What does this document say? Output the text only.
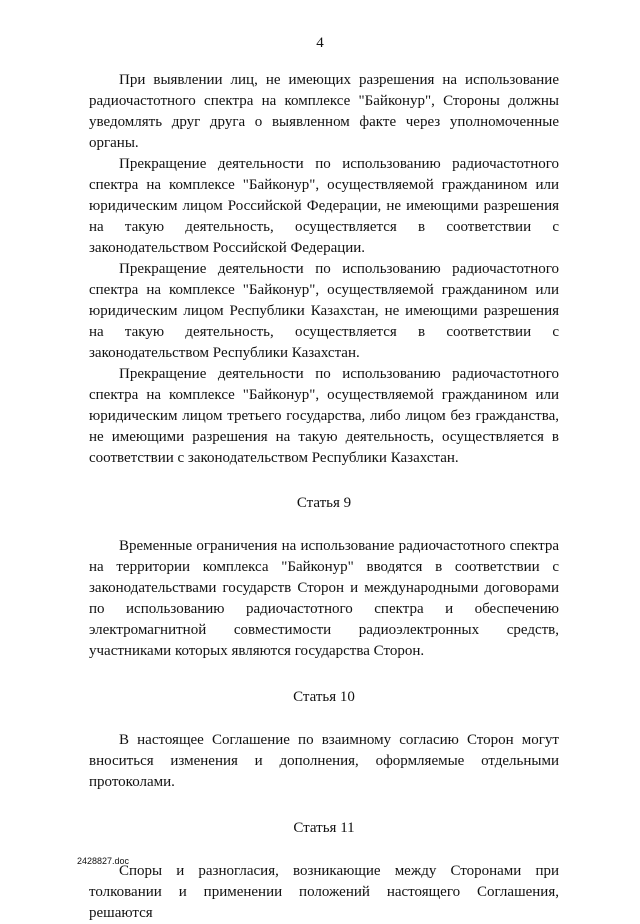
4

При выявлении лиц, не имеющих разрешения на использование радиочастотного спектра на комплексе "Байконур", Стороны должны уведомлять друг друга о выявленном факте через уполномоченные органы.

Прекращение деятельности по использованию радиочастотного спектра на комплексе "Байконур", осуществляемой гражданином или юридическим лицом Российской Федерации, не имеющими разрешения на такую деятельность, осуществляется в соответствии с законодательством Российской Федерации.

Прекращение деятельности по использованию радиочастотного спектра на комплексе "Байконур", осуществляемой гражданином или юридическим лицом Республики Казахстан, не имеющими разрешения на такую деятельность, осуществляется в соответствии с законодательством Республики Казахстан.

Прекращение деятельности по использованию радиочастотного спектра на комплексе "Байконур", осуществляемой гражданином или юридическим лицом третьего государства, либо лицом без гражданства, не имеющими разрешения на такую деятельность, осуществляется в соответствии с законодательством Республики Казахстан.

Статья 9

Временные ограничения на использование радиочастотного спектра на территории комплекса "Байконур" вводятся в соответствии с законодательствами государств Сторон и международными договорами по использованию радиочастотного спектра и обеспечению электромагнитной совместимости радиоэлектронных средств, участниками которых являются государства Сторон.

Статья 10

В настоящее Соглашение по взаимному согласию Сторон могут вноситься изменения и дополнения, оформляемые отдельными протоколами.

Статья 11

Споры и разногласия, возникающие между Сторонами при толковании и применении положений настоящего Соглашения, решаются

2428827.doc
